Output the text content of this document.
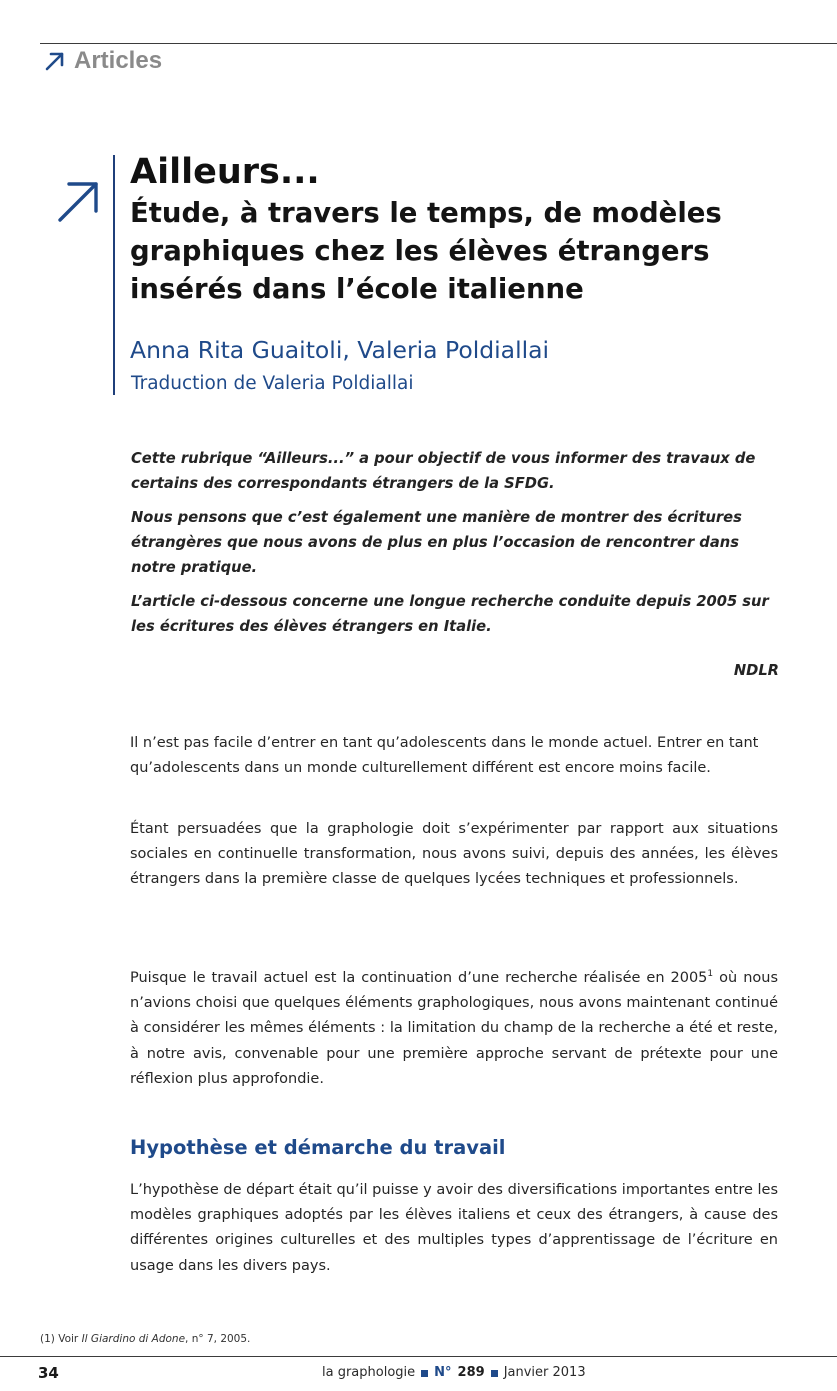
Articles
Ailleurs...
Étude, à travers le temps, de modèles graphiques chez les élèves étrangers insérés dans l’école italienne

Anna Rita Guaitoli, Valeria Poldiallai

Traduction de Valeria Poldiallai

Cette rubrique “Ailleurs...” a pour objectif de vous informer des travaux de certains des correspondants étrangers de la SFDG.

Nous pensons que c’est également une manière de montrer des écritures étrangères que nous avons de plus en plus l’occasion de rencontrer dans notre pratique.

L’article ci-dessous concerne une longue recherche conduite depuis 2005 sur les écritures des élèves étrangers en Italie.

NDLR

Il n’est pas facile d’entrer en tant qu’adolescents dans le monde actuel. Entrer en tant qu’adolescents dans un monde culturellement différent est encore moins facile.

Étant persuadées que la graphologie doit s’expérimenter par rapport aux situations sociales en continuelle transformation, nous avons suivi, depuis des années, les élèves étrangers dans la première classe de quelques lycées techniques et professionnels.

Puisque le travail actuel est la continuation d’une recherche réalisée en 2005$^1$ où nous n’avions choisi que quelques éléments graphologiques, nous avons maintenant continué à considérer les mêmes éléments : la limitation du champ de la recherche a été et reste, à notre avis, convenable pour une première approche servant de prétexte pour une réflexion plus approfondie.

Hypothèse et démarche du travail

L’hypothèse de départ était qu’il puisse y avoir des diversifications importantes entre les modèles graphiques adoptés par les élèves italiens et ceux des étrangers, à cause des différentes origines culturelles et des multiples types d’apprentissage de l’écriture en usage dans les divers pays.

(1) Voir Il Giardino di Adone, n° 7, 2005.

34	la graphologie N° 289 Janvier 2013
